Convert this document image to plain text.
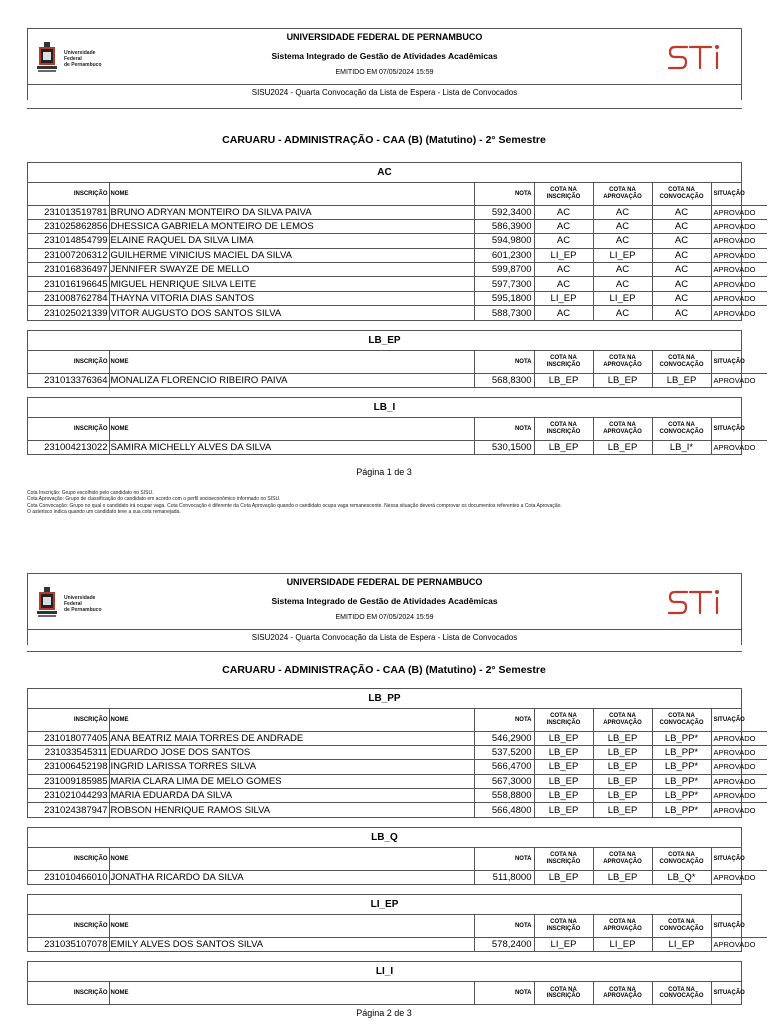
Universidade
Federal
de Pernambuco
UNIVERSIDADE FEDERAL DE PERNAMBUCO
Sistema Integrado de Gestão de Atividades Acadêmicas
EMITIDO EM 07/05/2024 15:59
SISU2024 - Quarta Convocação da Lista de Espera - Lista de Convocados
CARUARU - ADMINISTRAÇÃO - CAA (B) (Matutino) - 2° Semestre
AC
INSCRIÇÃO	NOME	NOTA	COTA NA INSCRIÇÃO	COTA NA APROVAÇÃO	COTA NA CONVOCAÇÃO	SITUAÇÃO
231013519781	BRUNO ADRYAN MONTEIRO DA SILVA PAIVA	592,3400	AC	AC	AC	APROVADO
231025862856	DHESSICA GABRIELA MONTEIRO DE LEMOS	586,3900	AC	AC	AC	APROVADO
231014854799	ELAINE RAQUEL DA SILVA LIMA	594,9800	AC	AC	AC	APROVADO
231007206312	GUILHERME VINICIUS MACIEL DA SILVA	601,2300	LI_EP	LI_EP	AC	APROVADO
231016836497	JENNIFER SWAYZE DE MELLO	599,8700	AC	AC	AC	APROVADO
231016196645	MIGUEL HENRIQUE SILVA LEITE	597,7300	AC	AC	AC	APROVADO
231008762784	THAYNA VITORIA DIAS SANTOS	595,1800	LI_EP	LI_EP	AC	APROVADO
231025021339	VITOR AUGUSTO DOS SANTOS SILVA	588,7300	AC	AC	AC	APROVADO
LB_EP
INSCRIÇÃO	NOME	NOTA	COTA NA INSCRIÇÃO	COTA NA APROVAÇÃO	COTA NA CONVOCAÇÃO	SITUAÇÃO
231013376364	MONALIZA FLORENCIO RIBEIRO PAIVA	568,8300	LB_EP	LB_EP	LB_EP	APROVADO
LB_I
INSCRIÇÃO	NOME	NOTA	COTA NA INSCRIÇÃO	COTA NA APROVAÇÃO	COTA NA CONVOCAÇÃO	SITUAÇÃO
231004213022	SAMIRA MICHELLY ALVES DA SILVA	530,1500	LB_EP	LB_EP	LB_I*	APROVADO
Página 1 de 3
Cota Inscrição: Grupo escolhido pelo candidato no SISU.
Cota Aprovação: Grupo de classificação do candidato em acordo com o perfil socioeconômico informado no SISU.
Cota Convocação: Grupo no qual o candidato irá ocupar vaga. Cota Convocação é diferente da Cota Aprovação quando o candidato ocupa vaga remanescente. Nessa situação deverá comprovar os documentos referentes a Cota Aprovação.
O asterisco indica quando um candidato teve a sua cota remanejada.
Universidade
Federal
de Pernambuco
UNIVERSIDADE FEDERAL DE PERNAMBUCO
Sistema Integrado de Gestão de Atividades Acadêmicas
EMITIDO EM 07/05/2024 15:59
SISU2024 - Quarta Convocação da Lista de Espera - Lista de Convocados
CARUARU - ADMINISTRAÇÃO - CAA (B) (Matutino) - 2° Semestre
LB_PP
INSCRIÇÃO	NOME	NOTA	COTA NA INSCRIÇÃO	COTA NA APROVAÇÃO	COTA NA CONVOCAÇÃO	SITUAÇÃO
231018077405	ANA BEATRIZ MAIA TORRES DE ANDRADE	546,2900	LB_EP	LB_EP	LB_PP*	APROVADO
231033545311	EDUARDO JOSE DOS SANTOS	537,5200	LB_EP	LB_EP	LB_PP*	APROVADO
231006452198	INGRID LARISSA TORRES SILVA	566,4700	LB_EP	LB_EP	LB_PP*	APROVADO
231009185985	MARIA CLARA LIMA DE MELO GOMES	567,3000	LB_EP	LB_EP	LB_PP*	APROVADO
231021044293	MARIA EDUARDA DA SILVA	558,8800	LB_EP	LB_EP	LB_PP*	APROVADO
231024387947	ROBSON HENRIQUE RAMOS SILVA	566,4800	LB_EP	LB_EP	LB_PP*	APROVADO
LB_Q
INSCRIÇÃO	NOME	NOTA	COTA NA INSCRIÇÃO	COTA NA APROVAÇÃO	COTA NA CONVOCAÇÃO	SITUAÇÃO
231010466010	JONATHA RICARDO DA SILVA	511,8000	LB_EP	LB_EP	LB_Q*	APROVADO
LI_EP
INSCRIÇÃO	NOME	NOTA	COTA NA INSCRIÇÃO	COTA NA APROVAÇÃO	COTA NA CONVOCAÇÃO	SITUAÇÃO
231035107078	EMILY ALVES DOS SANTOS SILVA	578,2400	LI_EP	LI_EP	LI_EP	APROVADO
LI_I
INSCRIÇÃO	NOME	NOTA	COTA NA INSCRIÇÃO	COTA NA APROVAÇÃO	COTA NA CONVOCAÇÃO	SITUAÇÃO
Página 2 de 3
